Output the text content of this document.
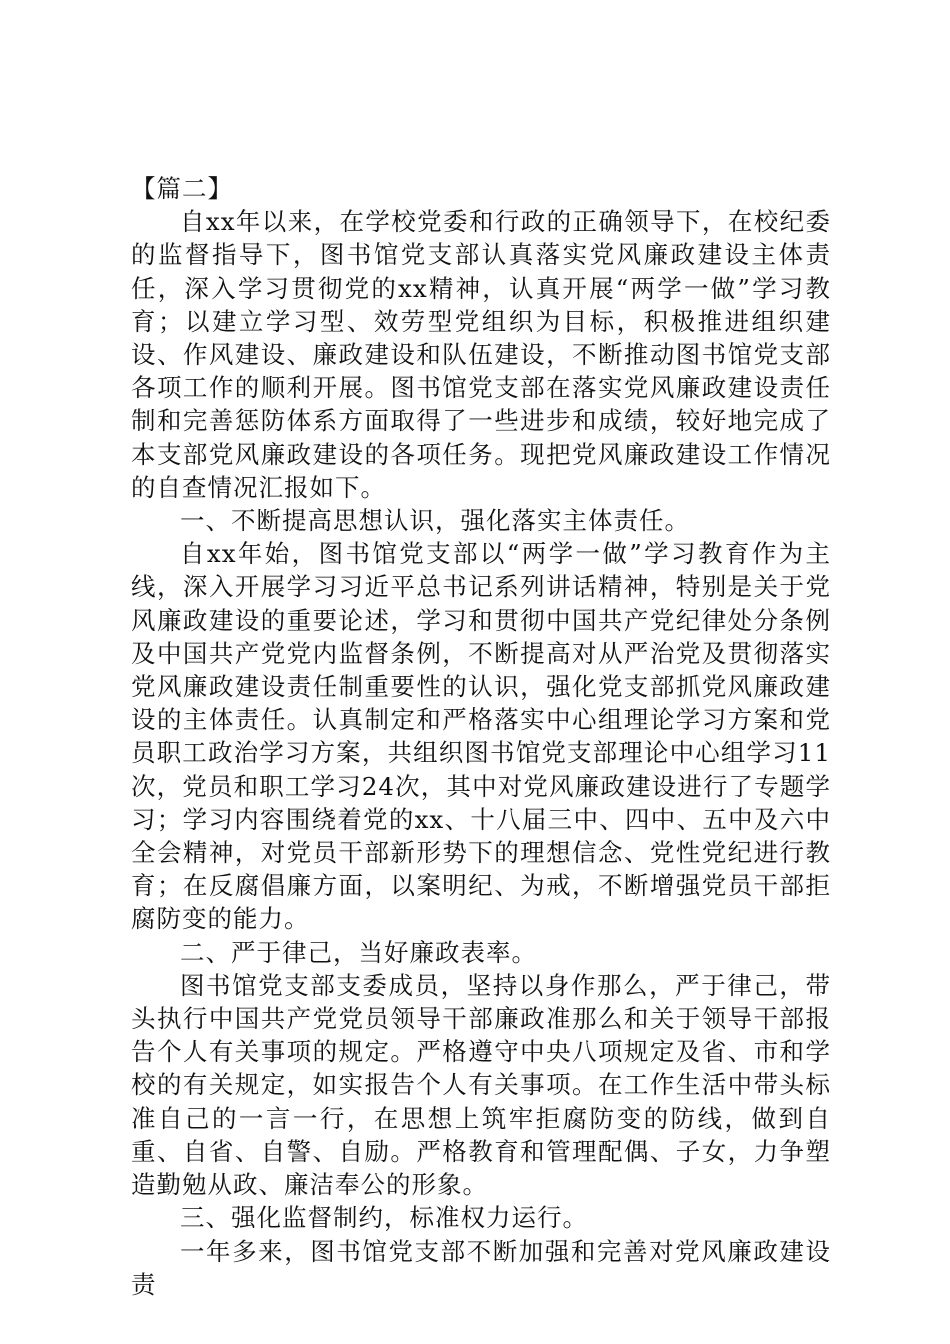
【篇二】

自xx年以来，在学校党委和行政的正确领导下，在校纪委的监督指导下，图书馆党支部认真落实党风廉政建设主体责任，深入学习贯彻党的xx精神，认真开展“两学一做”学习教育；以建立学习型、效劳型党组织为目标，积极推进组织建设、作风建设、廉政建设和队伍建设，不断推动图书馆党支部各项工作的顺利开展。图书馆党支部在落实党风廉政建设责任制和完善惩防体系方面取得了一些进步和成绩，较好地完成了本支部党风廉政建设的各项任务。现把党风廉政建设工作情况的自查情况汇报如下。

一、不断提高思想认识，强化落实主体责任。

自xx年始，图书馆党支部以“两学一做”学习教育作为主线，深入开展学习习近平总书记系列讲话精神，特别是关于党风廉政建设的重要论述，学习和贯彻中国共产党纪律处分条例及中国共产党党内监督条例，不断提高对从严治党及贯彻落实党风廉政建设责任制重要性的认识，强化党支部抓党风廉政建设的主体责任。认真制定和严格落实中心组理论学习方案和党员职工政治学习方案，共组织图书馆党支部理论中心组学习11次，党员和职工学习24次，其中对党风廉政建设进行了专题学习；学习内容围绕着党的xx、十八届三中、四中、五中及六中全会精神，对党员干部新形势下的理想信念、党性党纪进行教育；在反腐倡廉方面，以案明纪、为戒，不断增强党员干部拒腐防变的能力。

二、严于律己，当好廉政表率。

图书馆党支部支委成员，坚持以身作那么，严于律己，带头执行中国共产党党员领导干部廉政准那么和关于领导干部报告个人有关事项的规定。严格遵守中央八项规定及省、市和学校的有关规定，如实报告个人有关事项。在工作生活中带头标准自己的一言一行，在思想上筑牢拒腐防变的防线，做到自重、自省、自警、自励。严格教育和管理配偶、子女，力争塑造勤勉从政、廉洁奉公的形象。

三、强化监督制约，标准权力运行。

一年多来，图书馆党支部不断加强和完善对党风廉政建设责
